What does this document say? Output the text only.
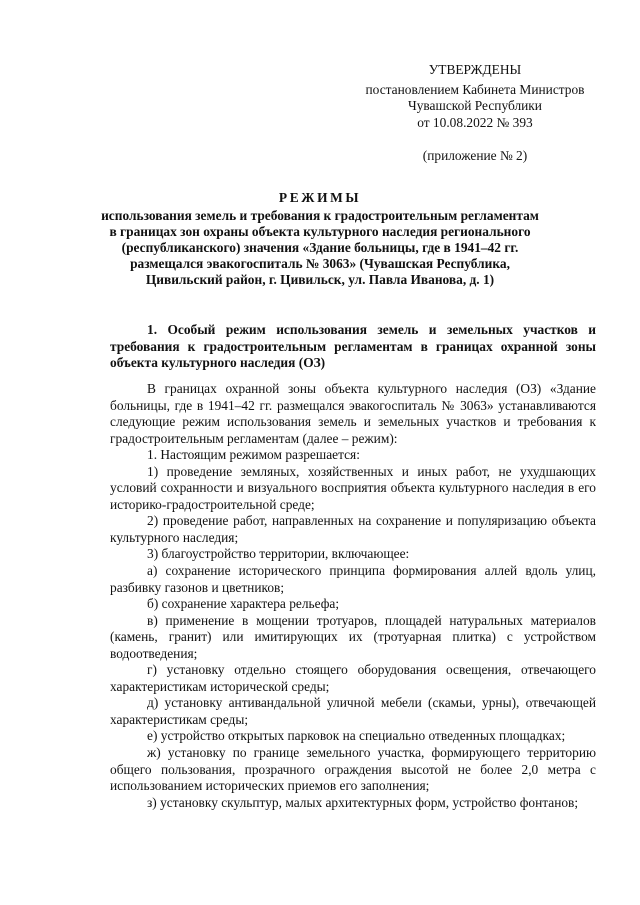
УТВЕРЖДЕНЫ
постановлением Кабинета Министров
Чувашской Республики
от 10.08.2022 № 393
(приложение № 2)
РЕЖИМЫ
использования земель и требования к градостроительным регламентам
в границах зон охраны объекта культурного наследия регионального
(республиканского) значения «Здание больницы, где в 1941–42 гг.
размещался эвакогоспиталь № 3063» (Чувашская Республика,
Цивильский район, г. Цивильск, ул. Павла Иванова, д. 1)
1. Особый режим использования земель и земельных участков и требования к градостроительным регламентам в границах охранной зоны объекта культурного наследия (ОЗ)

В границах охранной зоны объекта культурного наследия (ОЗ) «Здание больницы, где в 1941–42 гг. размещался эвакогоспиталь № 3063» устанавливаются следующие режим использования земель и земельных участков и требования к градостроительным регламентам (далее – режим):

1. Настоящим режимом разрешается:

1) проведение земляных, хозяйственных и иных работ, не ухудшающих условий сохранности и визуального восприятия объекта культурного наследия в его историко-градостроительной среде;

2) проведение работ, направленных на сохранение и популяризацию объекта культурного наследия;

3) благоустройство территории, включающее:

а) сохранение исторического принципа формирования аллей вдоль улиц, разбивку газонов и цветников;

б) сохранение характера рельефа;

в) применение в мощении тротуаров, площадей натуральных материалов (камень, гранит) или имитирующих их (тротуарная плитка) с устройством водоотведения;

г) установку отдельно стоящего оборудования освещения, отвечающего характеристикам исторической среды;

д) установку антивандальной уличной мебели (скамьи, урны), отвечающей характеристикам среды;

е) устройство открытых парковок на специально отведенных площадках;

ж) установку по границе земельного участка, формирующего территорию общего пользования, прозрачного ограждения высотой не более 2,0 метра с использованием исторических приемов его заполнения;

з) установку скульптур, малых архитектурных форм, устройство фонтанов;
